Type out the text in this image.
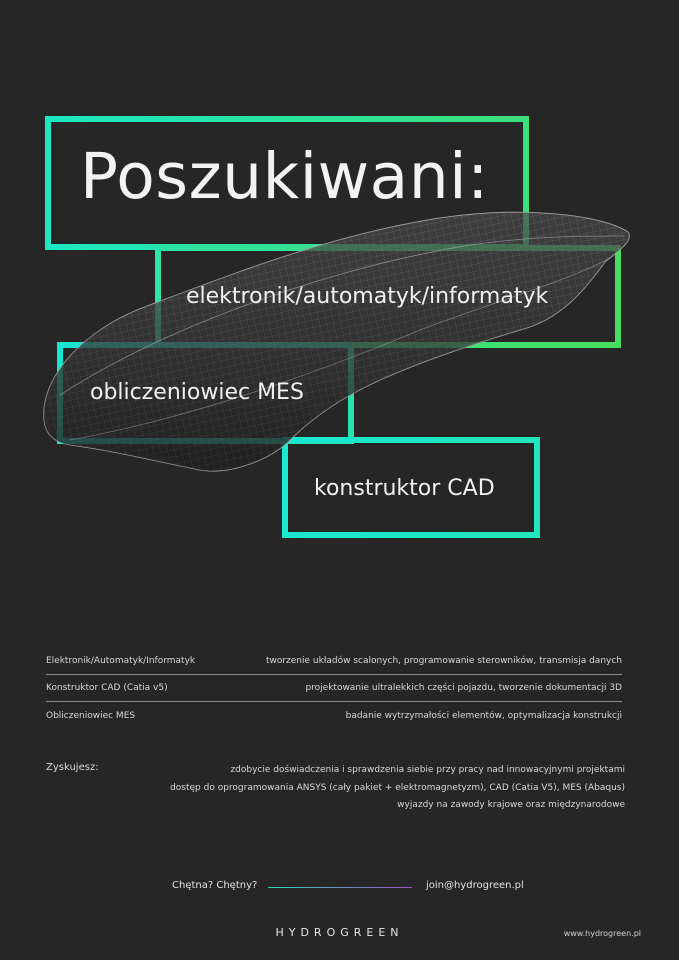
Poszukiwani:
elektronik/automatyk/informatyk
obliczeniowiec MES
konstruktor CAD
Elektronik/Automatyk/Informatyk	tworzenie układów scalonych, programowanie sterowników, transmisja danych
Konstruktor CAD (Catia v5)	projektowanie ultralekkich części pojazdu, tworzenie dokumentacji 3D
Obliczeniowiec MES	badanie wytrzymałości elementów, optymalizacja konstrukcji
Zyskujesz:	zdobycie doświadczenia i sprawdzenia siebie przy pracy nad innowacyjnymi projektami
dostęp do oprogramowania ANSYS (cały pakiet + elektromagnetyzm), CAD (Catia V5), MES (Abaqus)
wyjazdy na zawody krajowe oraz międzynarodowe
Chętna? Chętny?	join@hydrogreen.pl
HYDROGREEN	www.hydrogreen.pl
